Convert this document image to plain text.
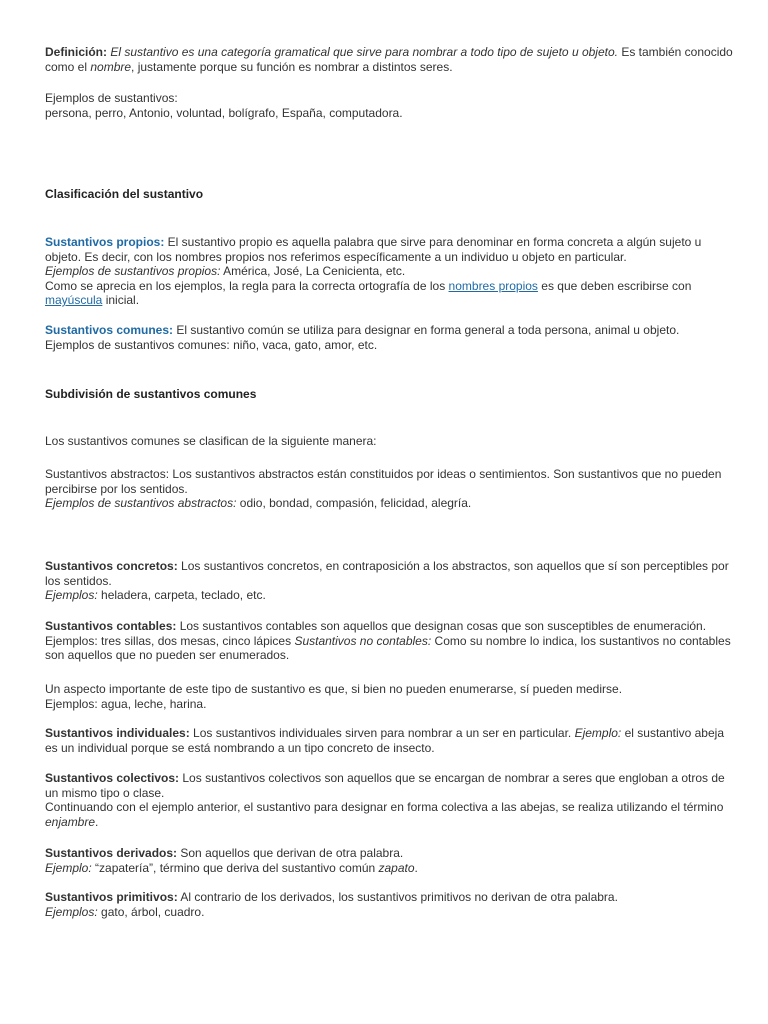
Definición: El sustantivo es una categoría gramatical que sirve para nombrar a todo tipo de sujeto u objeto. Es también conocido como el nombre, justamente porque su función es nombrar a distintos seres.

Ejemplos de sustantivos:
persona, perro, Antonio, voluntad, bolígrafo, España, computadora.

Clasificación del sustantivo

Sustantivos propios: El sustantivo propio es aquella palabra que sirve para denominar en forma concreta a algún sujeto u objeto. Es decir, con los nombres propios nos referimos específicamente a un individuo u objeto en particular.
Ejemplos de sustantivos propios: América, José, La Cenicienta, etc.
Como se aprecia en los ejemplos, la regla para la correcta ortografía de los nombres propios es que deben escribirse con mayúscula inicial.

Sustantivos comunes: El sustantivo común se utiliza para designar en forma general a toda persona, animal u objeto.
Ejemplos de sustantivos comunes: niño, vaca, gato, amor, etc.

Subdivisión de sustantivos comunes

Los sustantivos comunes se clasifican de la siguiente manera:

Sustantivos abstractos: Los sustantivos abstractos están constituidos por ideas o sentimientos. Son sustantivos que no pueden percibirse por los sentidos.
Ejemplos de sustantivos abstractos: odio, bondad, compasión, felicidad, alegría.

Sustantivos concretos: Los sustantivos concretos, en contraposición a los abstractos, son aquellos que sí son perceptibles por los sentidos.
Ejemplos: heladera, carpeta, teclado, etc.

Sustantivos contables: Los sustantivos contables son aquellos que designan cosas que son susceptibles de enumeración. Ejemplos: tres sillas, dos mesas, cinco lápices Sustantivos no contables: Como su nombre lo indica, los sustantivos no contables son aquellos que no pueden ser enumerados.

Un aspecto importante de este tipo de sustantivo es que, si bien no pueden enumerarse, sí pueden medirse.
Ejemplos: agua, leche, harina.

Sustantivos individuales: Los sustantivos individuales sirven para nombrar a un ser en particular. Ejemplo: el sustantivo abeja es un individual porque se está nombrando a un tipo concreto de insecto.

Sustantivos colectivos: Los sustantivos colectivos son aquellos que se encargan de nombrar a seres que engloban a otros de un mismo tipo o clase.
Continuando con el ejemplo anterior, el sustantivo para designar en forma colectiva a las abejas, se realiza utilizando el término enjambre.

Sustantivos derivados: Son aquellos que derivan de otra palabra.
Ejemplo: “zapatería”, término que deriva del sustantivo común zapato.

Sustantivos primitivos: Al contrario de los derivados, los sustantivos primitivos no derivan de otra palabra.
Ejemplos: gato, árbol, cuadro.
